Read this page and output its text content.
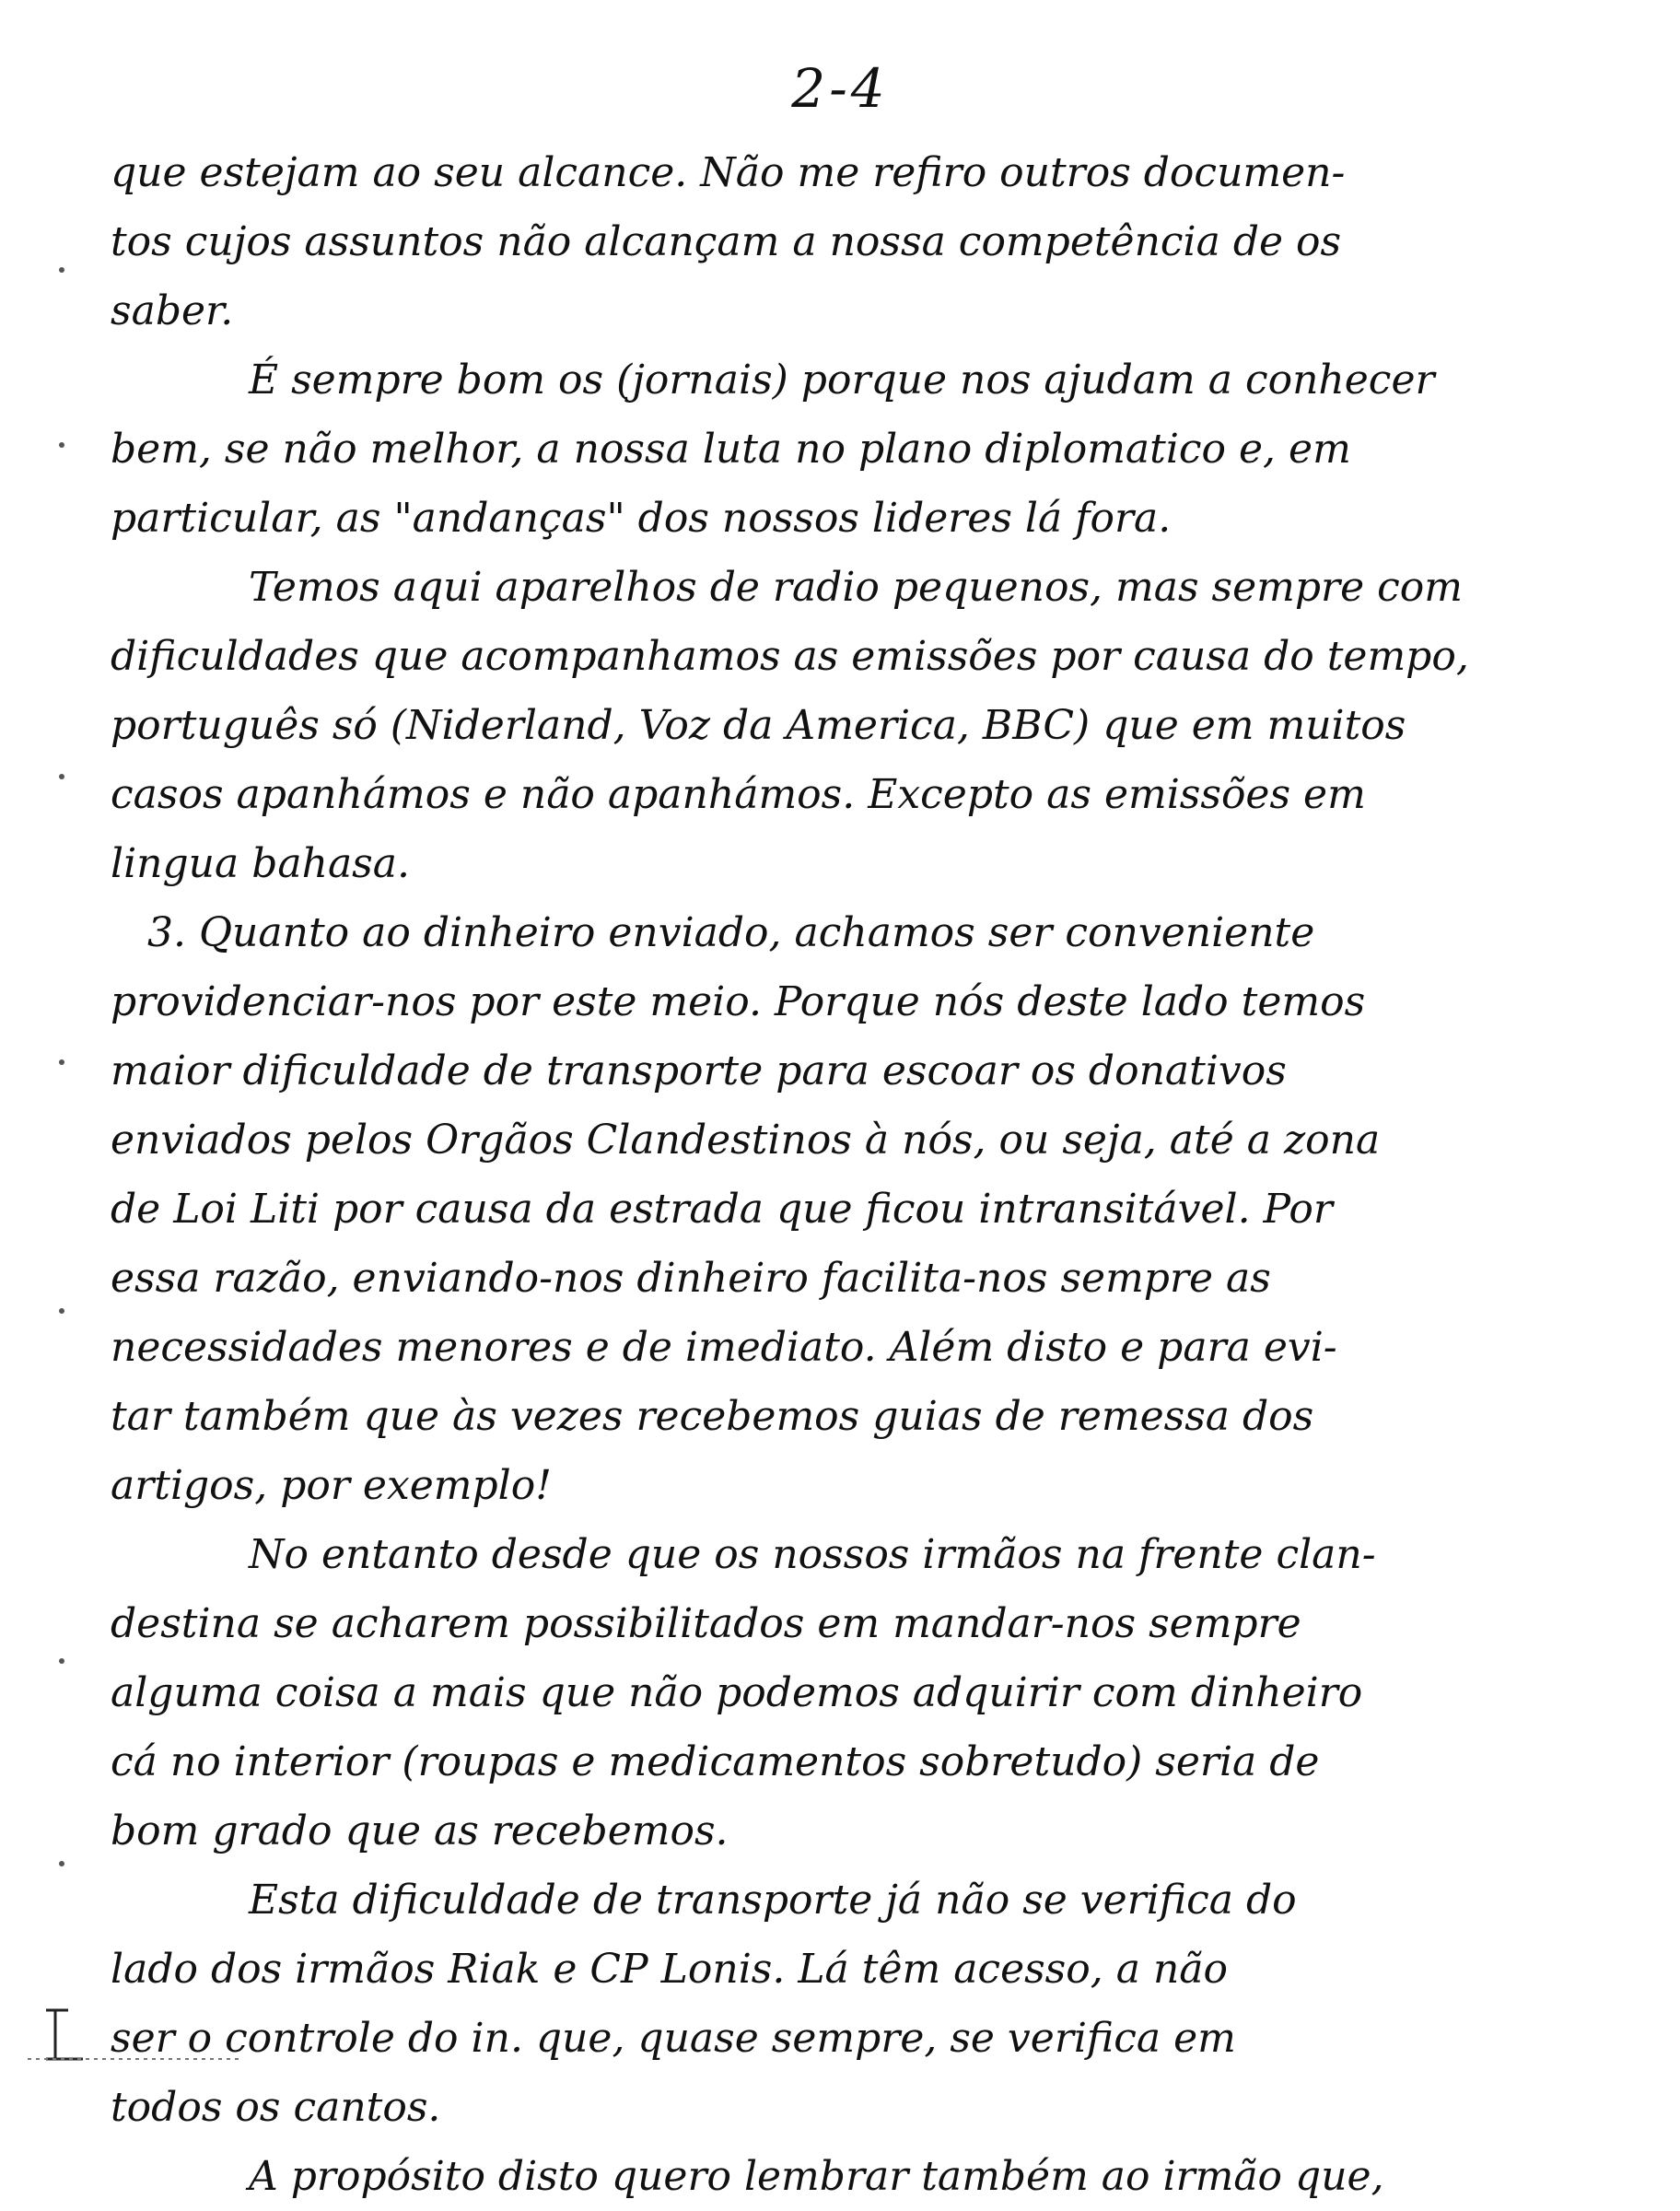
2-4
que estejam ao seu alcance. Não me refiro outros documen-
tos cujos assuntos não alcançam a nossa competência de os
saber.
É sempre bom os (jornais) porque nos ajudam a conhecer
bem, se não melhor, a nossa luta no plano diplomatico e, em
particular, as "andanças" dos nossos lideres lá fora.
Temos aqui aparelhos de radio pequenos, mas sempre com
dificuldades que acompanhamos as emissões por causa do tempo,
português só (Niderland, Voz da America, BBC) que em muitos
casos apanhámos e não apanhámos. Excepto as emissões em
lingua bahasa.
3. Quanto ao dinheiro enviado, achamos ser conveniente
providenciar-nos por este meio. Porque nós deste lado temos
maior dificuldade de transporte para escoar os donativos
enviados pelos Orgãos Clandestinos à nós, ou seja, até a zona
de Loi Liti por causa da estrada que ficou intransitável. Por
essa razão, enviando-nos dinheiro facilita-nos sempre as
necessidades menores e de imediato. Além disto e para evi-
tar também que às vezes recebemos guias de remessa dos
artigos, por exemplo!
No entanto desde que os nossos irmãos na frente clan-
destina se acharem possibilitados em mandar-nos sempre
alguma coisa a mais que não podemos adquirir com dinheiro
cá no interior (roupas e medicamentos sobretudo) seria de
bom grado que as recebemos.
Esta dificuldade de transporte já não se verifica do
lado dos irmãos Riak e CP Lonis. Lá têm acesso, a não
ser o controle do in. que, quase sempre, se verifica em
todos os cantos.
A propósito disto quero lembrar também ao irmão que,
